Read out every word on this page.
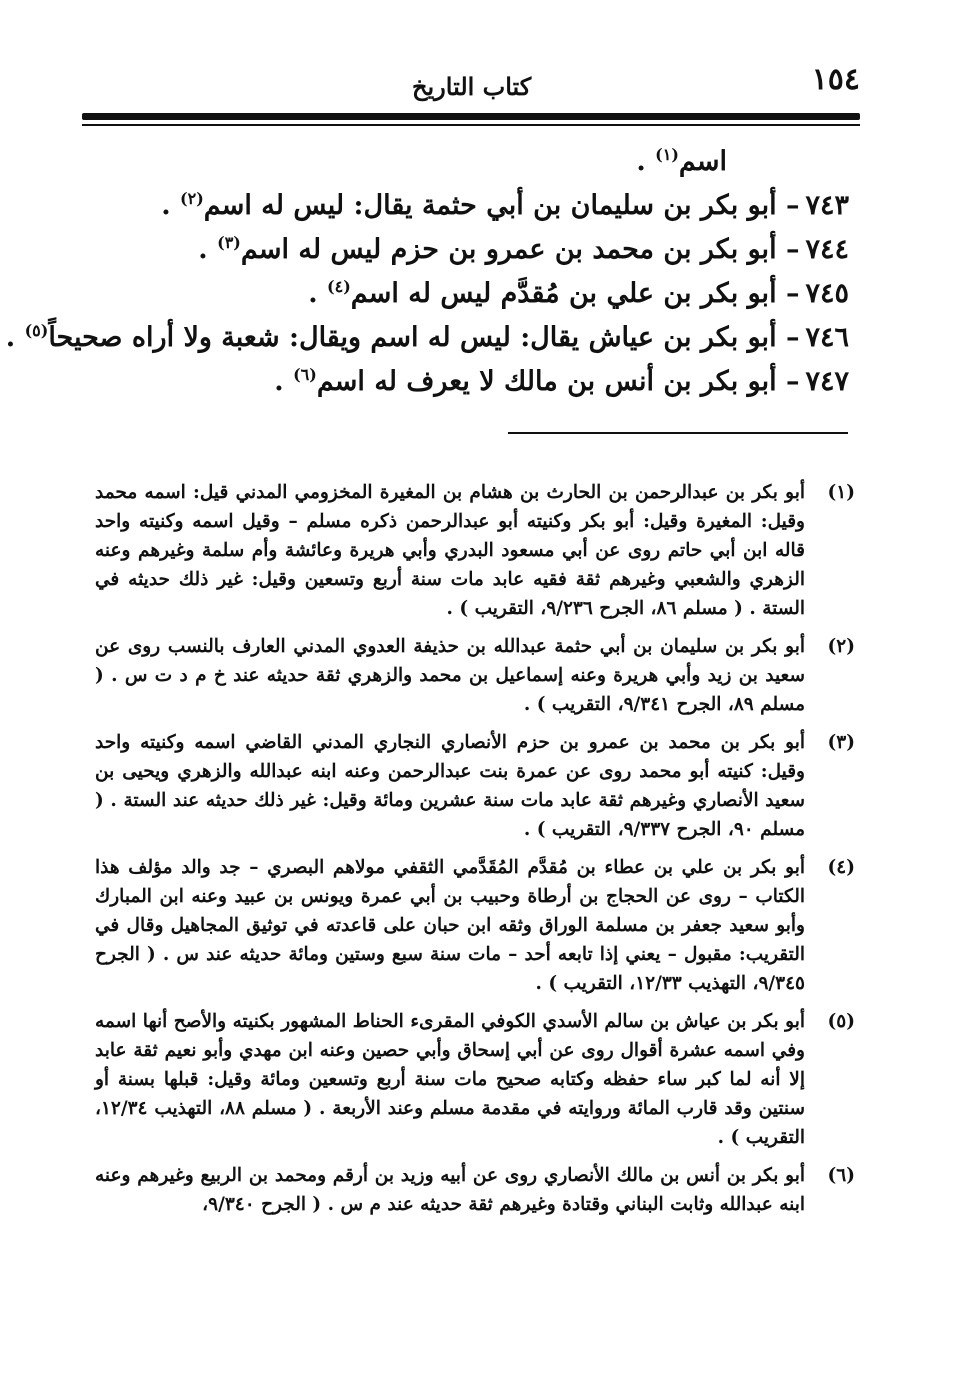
١٥٤
كتاب التاريخ

اسم$^{(١)}$ .

٧٤٣– أبو بكر بن سليمان بن أبي حثمة يقال: ليس له اسم$^{(٢)}$ .

٧٤٤– أبو بكر بن محمد بن عمرو بن حزم ليس له اسم$^{(٣)}$ .

٧٤٥– أبو بكر بن علي بن مُقدَّم ليس له اسم$^{(٤)}$ .

٧٤٦– أبو بكر بن عياش يقال: ليس له اسم ويقال: شعبة ولا أراه صحيحاً$^{(٥)}$ .

٧٤٧– أبو بكر بن أنس بن مالك لا يعرف له اسم$^{(٦)}$ .

(١)
أبو بكر بن عبدالرحمن بن الحارث بن هشام بن المغيرة المخزومي المدني قيل: اسمه محمد وقيل: المغيرة وقيل: أبو بكر وكنيته أبو عبدالرحمن ذكره مسلم – وقيل اسمه وكنيته واحد قاله ابن أبي حاتم روى عن أبي مسعود البدري وأبي هريرة وعائشة وأم سلمة وغيرهم وعنه الزهري والشعبي وغيرهم ثقة فقيه عابد مات سنة أربع وتسعين وقيل: غير ذلك حديثه في الستة . ( مسلم ٨٦، الجرح ٩/٢٣٦، التقريب ) .
(٢)
أبو بكر بن سليمان بن أبي حثمة عبدالله بن حذيفة العدوي المدني العارف بالنسب روى عن سعيد بن زيد وأبي هريرة وعنه إسماعيل بن محمد والزهري ثقة حديثه عند خ م د ت س . ( مسلم ٨٩، الجرح ٩/٣٤١، التقريب ) .
(٣)
أبو بكر بن محمد بن عمرو بن حزم الأنصاري النجاري المدني القاضي اسمه وكنيته واحد وقيل: كنيته أبو محمد روى عن عمرة بنت عبدالرحمن وعنه ابنه عبدالله والزهري ويحيى بن سعيد الأنصاري وغيرهم ثقة عابد مات سنة عشرين ومائة وقيل: غير ذلك حديثه عند الستة . ( مسلم ٩٠، الجرح ٩/٣٣٧، التقريب ) .
(٤)
أبو بكر بن علي بن عطاء بن مُقدَّم المُقَدَّمي الثقفي مولاهم البصري – جد والد مؤلف هذا الكتاب – روى عن الحجاج بن أرطاة وحبيب بن أبي عمرة ويونس بن عبيد وعنه ابن المبارك وأبو سعيد جعفر بن مسلمة الوراق وثقه ابن حبان على قاعدته في توثيق المجاهيل وقال في التقريب: مقبول – يعني إذا تابعه أحد – مات سنة سبع وستين ومائة حديثه عند س . ( الجرح ٩/٣٤٥، التهذيب ١٢/٣٣، التقريب ) .
(٥)
أبو بكر بن عياش بن سالم الأسدي الكوفي المقرىء الحناط المشهور بكنيته والأصح أنها اسمه وفي اسمه عشرة أقوال روى عن أبي إسحاق وأبي حصين وعنه ابن مهدي وأبو نعيم ثقة عابد إلا أنه لما كبر ساء حفظه وكتابه صحيح مات سنة أربع وتسعين ومائة وقيل: قبلها بسنة أو سنتين وقد قارب المائة وروايته في مقدمة مسلم وعند الأربعة . ( مسلم ٨٨، التهذيب ١٢/٣٤، التقريب ) .
(٦)
أبو بكر بن أنس بن مالك الأنصاري روى عن أبيه وزيد بن أرقم ومحمد بن الربيع وغيرهم وعنه ابنه عبدالله وثابت البناني وقتادة وغيرهم ثقة حديثه عند م س . ( الجرح ٩/٣٤٠،
